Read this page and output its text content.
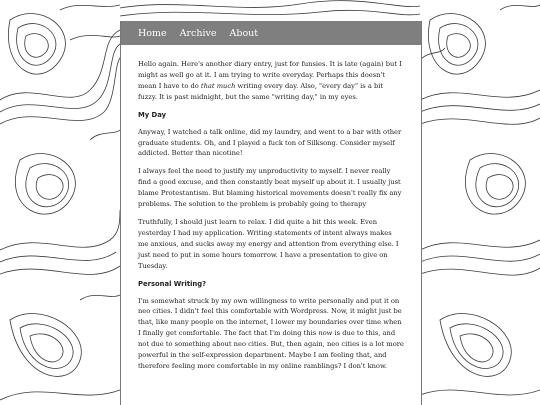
Home Archive About

Hello again. Here's another diary entry, just for funsies. It is late (again) but I might as well go at it. I am trying to write everyday. Perhaps this doesn't mean I have to do that much writing every day. Also, "every day" is a bit fuzzy. It is past midnight, but the same "writing day," in my eyes.

My Day

Anyway, I watched a talk online, did my laundry, and went to a bar with other graduate students. Oh, and I played a fuck ton of Silksong. Consider myself addicted. Better than nicotine!

I always feel the need to justify my unproductivity to myself. I never really find a good excuse, and then constantly beat myself up about it. I usually just blame Protestantism. But blaming historical movements doesn't really fix any problems. The solution to the problem is probably going to therapy

Truthfully, I should just learn to relax. I did quite a bit this week. Even yesterday I had my application. Writing statements of intent always makes me anxious, and sucks away my energy and attention from everything else. I just need to put in some hours tomorrow. I have a presentation to give on Tuesday.

Personal Writing?

I'm somewhat struck by my own willingness to write personally and put it on neo cities. I didn't feel this comfortable with Wordpress. Now, it might just be that, like many people on the internet, I lower my boundaries over time when I finally get comfortable. The fact that I'm doing this now is due to this, and not due to something about neo cities. But, then again, neo cities is a lot more powerful in the self-expression department. Maybe I am feeling that, and therefore feeling more comfortable in my online ramblings? I don't know.
